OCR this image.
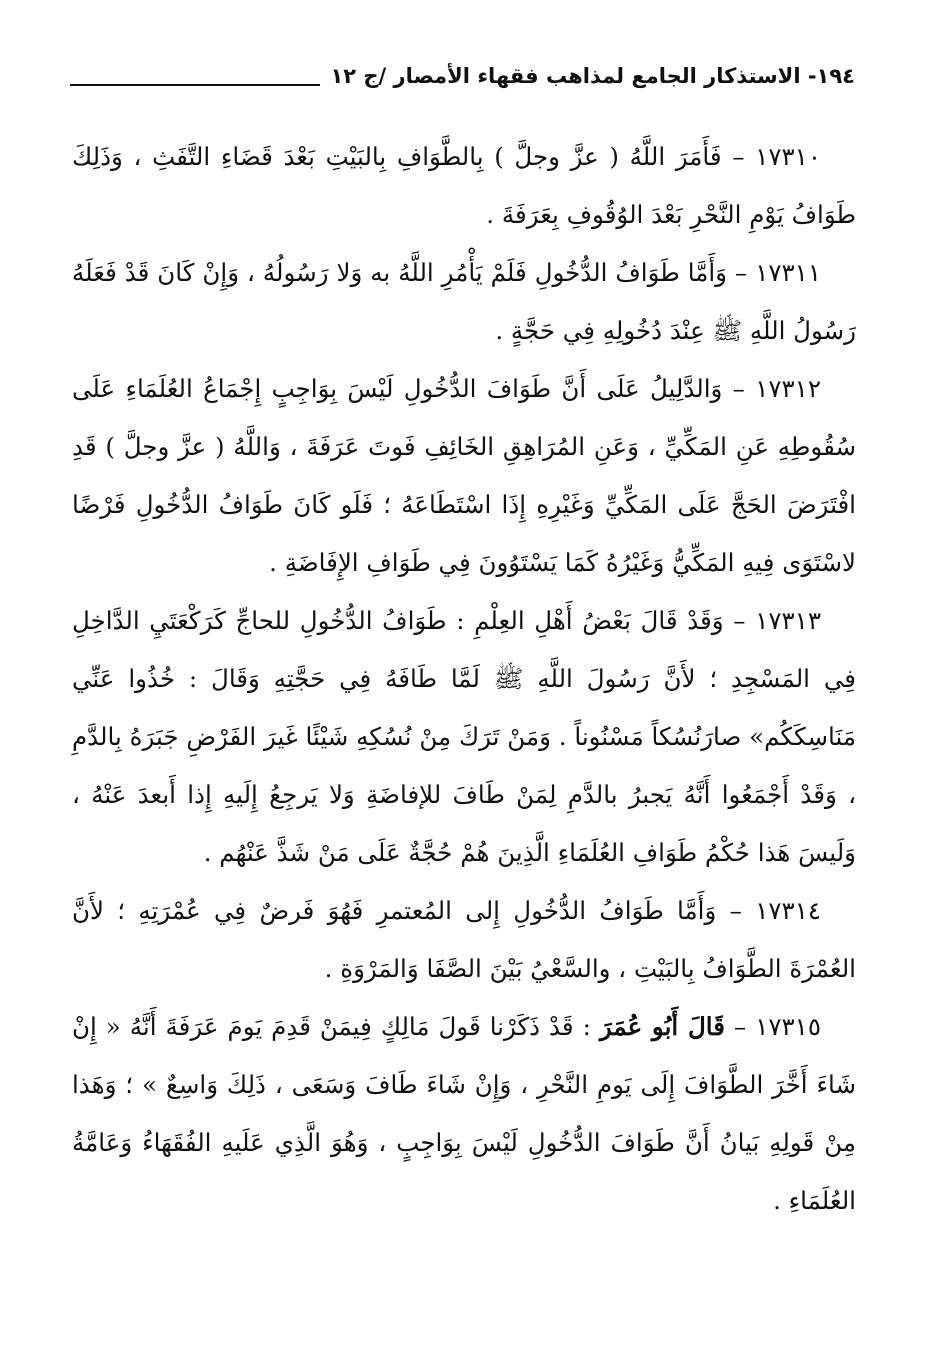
١٩٤- الاستذكار الجامع لمذاهب فقهاء الأمصار /ج ١٢

١٧٣١٠ – فَأَمَرَ اللَّهُ ( عزَّ وجلَّ ) بِالطَّوَافِ بِالبَيْتِ بَعْدَ قَضَاءِ التَّفَثِ ، وَذَلِكَ طَوَافُ يَوْمِ النَّحْرِ بَعْدَ الوُقُوفِ بِعَرَفَةَ .

١٧٣١١ – وَأَمَّا طَوَافُ الدُّخُولِ فَلَمْ يَأْمُرِ اللَّهُ به وَلا رَسُولُهُ ، وَإِنْ كَانَ قَدْ فَعَلَهُ رَسُولُ اللَّهِ ﷺ عِنْدَ دُخُولِهِ فِي حَجَّةٍ .

١٧٣١٢ – وَالدَّلِيلُ عَلَى أَنَّ طَوَافَ الدُّخُولِ لَيْسَ بِوَاجِبٍ إِجْمَاعُ العُلَمَاءِ عَلَى سُقُوطِهِ عَنِ المَكِّيِّ ، وَعَنِ المُرَاهِقِ الخَائِفِ فَوتَ عَرَفَةَ ، وَاللَّهُ ( عزَّ وجلَّ ) قَدِ افْتَرَضَ الحَجَّ عَلَى المَكِّيِّ وَغَيْرِهِ إِذَا اسْتَطَاعَهُ ؛ فَلَو كَانَ طَوَافُ الدُّخُولِ فَرْضًا لاسْتَوَى فِيهِ المَكِّيُّ وَغَيْرُهُ كَمَا يَسْتَوُونَ فِي طَوَافِ الإِفَاضَةِ .

١٧٣١٣ – وَقَدْ قَالَ بَعْضُ أَهْلِ العِلْمِ : طَوَافُ الدُّخُولِ للحاجِّ كَرَكْعَتَيِ الدَّاخِلِ فِي المَسْجِدِ ؛ لأَنَّ رَسُولَ اللَّهِ ﷺ لَمَّا طَافَهُ فِي حَجَّتِهِ وَقَالَ : خُذُوا عَنِّي مَنَاسِكَكُم» صارَنُسُكاً مَسْنُوناً . وَمَنْ تَرَكَ مِنْ نُسُكِهِ شَيْئًا غَيرَ الفَرْضِ جَبَرَهُ بِالدَّمِ ، وَقَدْ أَجْمَعُوا أَنَّهُ يَجبرُ بالدَّمِ لِمَنْ طَافَ للإفاضَةِ وَلا يَرجِعُ إِلَيهِ إِذا أَبعدَ عَنْهُ ، وَلَيسَ هَذا حُكْمُ طَوَافِ العُلَمَاءِ الَّذِينَ هُمْ حُجَّةٌ عَلَى مَنْ شَذَّ عَنْهُم .

١٧٣١٤ – وَأَمَّا طَوَافُ الدُّخُولِ إِلى المُعتمرِ فَهُوَ فَرضٌ فِي عُمْرَتِهِ ؛ لأَنَّ العُمْرَةَ الطَّوَافُ بِالبَيْتِ ، والسَّعْيُ بَيْنَ الصَّفَا وَالمَرْوَةِ .

١٧٣١٥ – قَالَ أَبُو عُمَرَ : قَدْ ذَكَرْنا قَولَ مَالِكٍ فِيمَنْ قَدِمَ يَومَ عَرَفَةَ أَنَّهُ « إِنْ شَاءَ أَخَّرَ الطَّوَافَ إِلَى يَومِ النَّحْرِ ، وَإِنْ شَاءَ طَافَ وَسَعَى ، ذَلِكَ وَاسِعٌ » ؛ وَهَذا مِنْ قَولِهِ بَيانُ أَنَّ طَوَافَ الدُّخُولِ لَيْسَ بِوَاجِبٍ ، وَهُوَ الَّذِي عَلَيهِ الفُقَهَاءُ وَعَامَّةُ العُلَمَاءِ .
